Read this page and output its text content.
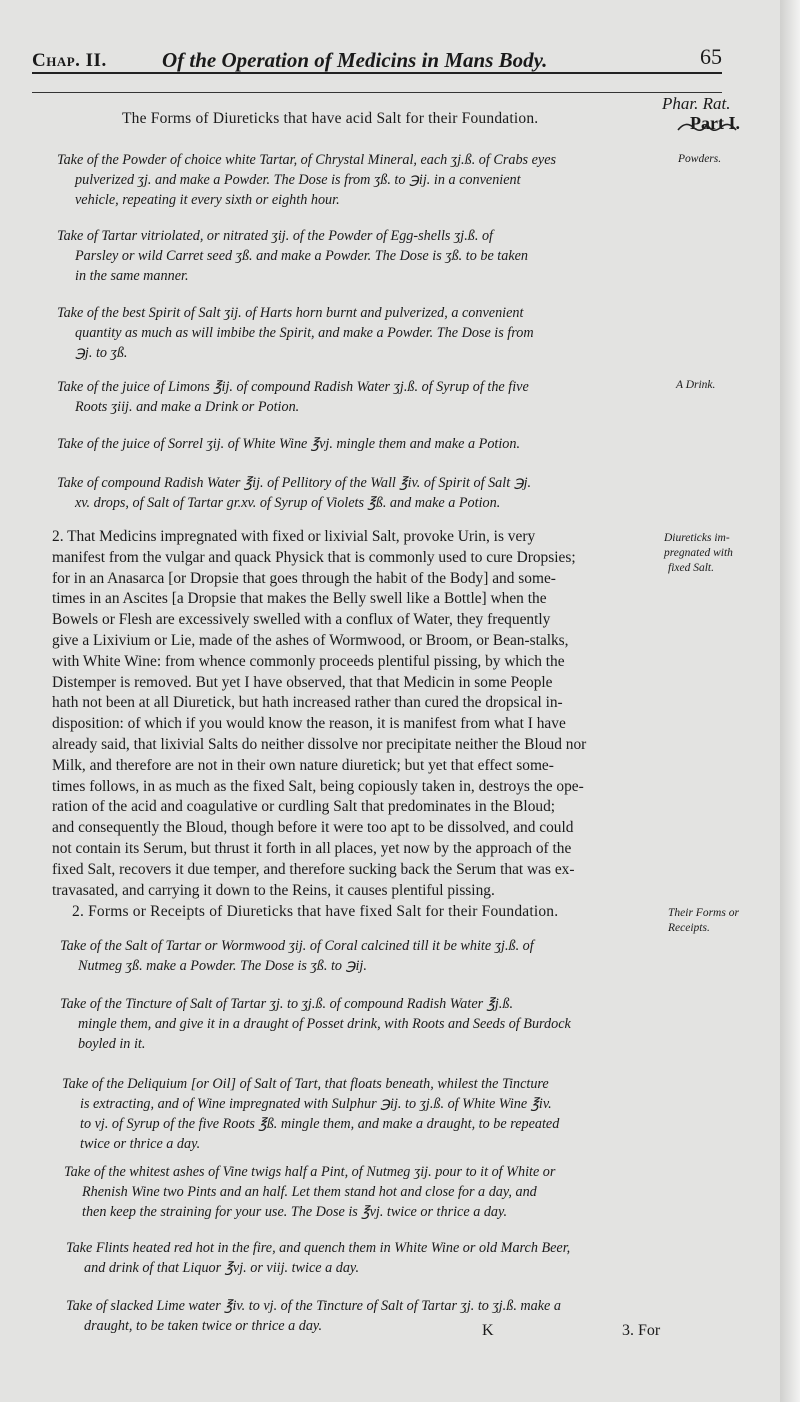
Chap. II.	Of the Operation of Medicins in Mans Body.	65
Phar. Rat.
Part I.
Powders.
A Drink.
Diureticks im-
pregnated with
fixed Salt.
Their Forms or
Receipts.
The Forms of Diureticks that have acid Salt for their Foundation.
Take of the Powder of choice white Tartar, of Chrystal Mineral, each ʒj.ß. of Crabs eyes
pulverized ʒj. and make a Powder. The Dose is from ʒß. to ℈ij. in a convenient
vehicle, repeating it every sixth or eighth hour.
Take of Tartar vitriolated, or nitrated ʒij. of the Powder of Egg-shells ʒj.ß. of
Parsley or wild Carret seed ʒß. and make a Powder. The Dose is ʒß. to be taken
in the same manner.
Take of the best Spirit of Salt ʒij. of Harts horn burnt and pulverized, a convenient
quantity as much as will imbibe the Spirit, and make a Powder. The Dose is from
℈j. to ʒß.
Take of the juice of Limons ℥ij. of compound Radish Water ʒj.ß. of Syrup of the five
Roots ʒiij. and make a Drink or Potion.
Take of the juice of Sorrel ʒij. of White Wine ℥vj. mingle them and make a Potion.
Take of compound Radish Water ℥ij. of Pellitory of the Wall ℥iv. of Spirit of Salt ℈j.
xv. drops, of Salt of Tartar gr.xv. of Syrup of Violets ℥ß. and make a Potion.
2. That Medicins impregnated with fixed or lixivial Salt, provoke Urin, is very
manifest from the vulgar and quack Physick that is commonly used to cure Dropsies;
for in an Anasarca [or Dropsie that goes through the habit of the Body] and some-
times in an Ascites [a Dropsie that makes the Belly swell like a Bottle] when the
Bowels or Flesh are excessively swelled with a conflux of Water, they frequently
give a Lixivium or Lie, made of the ashes of Wormwood, or Broom, or Bean-stalks,
with White Wine: from whence commonly proceeds plentiful pissing, by which the
Distemper is removed. But yet I have observed, that that Medicin in some People
hath not been at all Diuretick, but hath increased rather than cured the dropsical in-
disposition: of which if you would know the reason, it is manifest from what I have
already said, that lixivial Salts do neither dissolve nor precipitate neither the Bloud nor
Milk, and therefore are not in their own nature diuretick; but yet that effect some-
times follows, in as much as the fixed Salt, being copiously taken in, destroys the ope-
ration of the acid and coagulative or curdling Salt that predominates in the Bloud;
and consequently the Bloud, though before it were too apt to be dissolved, and could
not contain its Serum, but thrust it forth in all places, yet now by the approach of the
fixed Salt, recovers it due temper, and therefore sucking back the Serum that was ex-
travasated, and carrying it down to the Reins, it causes plentiful pissing.
2. Forms or Receipts of Diureticks that have fixed Salt for their Foundation.
Take of the Salt of Tartar or Wormwood ʒij. of Coral calcined till it be white ʒj.ß. of
Nutmeg ʒß. make a Powder. The Dose is ʒß. to ℈ij.
Take of the Tincture of Salt of Tartar ʒj. to ʒj.ß. of compound Radish Water ℥j.ß.
mingle them, and give it in a draught of Posset drink, with Roots and Seeds of Burdock
boyled in it.
Take of the Deliquium [or Oil] of Salt of Tart, that floats beneath, whilest the Tincture
is extracting, and of Wine impregnated with Sulphur ℈ij. to ʒj.ß. of White Wine ℥iv.
to vj. of Syrup of the five Roots ℥ß. mingle them, and make a draught, to be repeated
twice or thrice a day.
Take of the whitest ashes of Vine twigs half a Pint, of Nutmeg ʒij. pour to it of White or
Rhenish Wine two Pints and an half. Let them stand hot and close for a day, and
then keep the straining for your use. The Dose is ℥vj. twice or thrice a day.
Take Flints heated red hot in the fire, and quench them in White Wine or old March Beer,
and drink of that Liquor ℥vj. or viij. twice a day.
Take of slacked Lime water ℥iv. to vj. of the Tincture of Salt of Tartar ʒj. to ʒj.ß. make a
draught, to be taken twice or thrice a day.	K	3. For
